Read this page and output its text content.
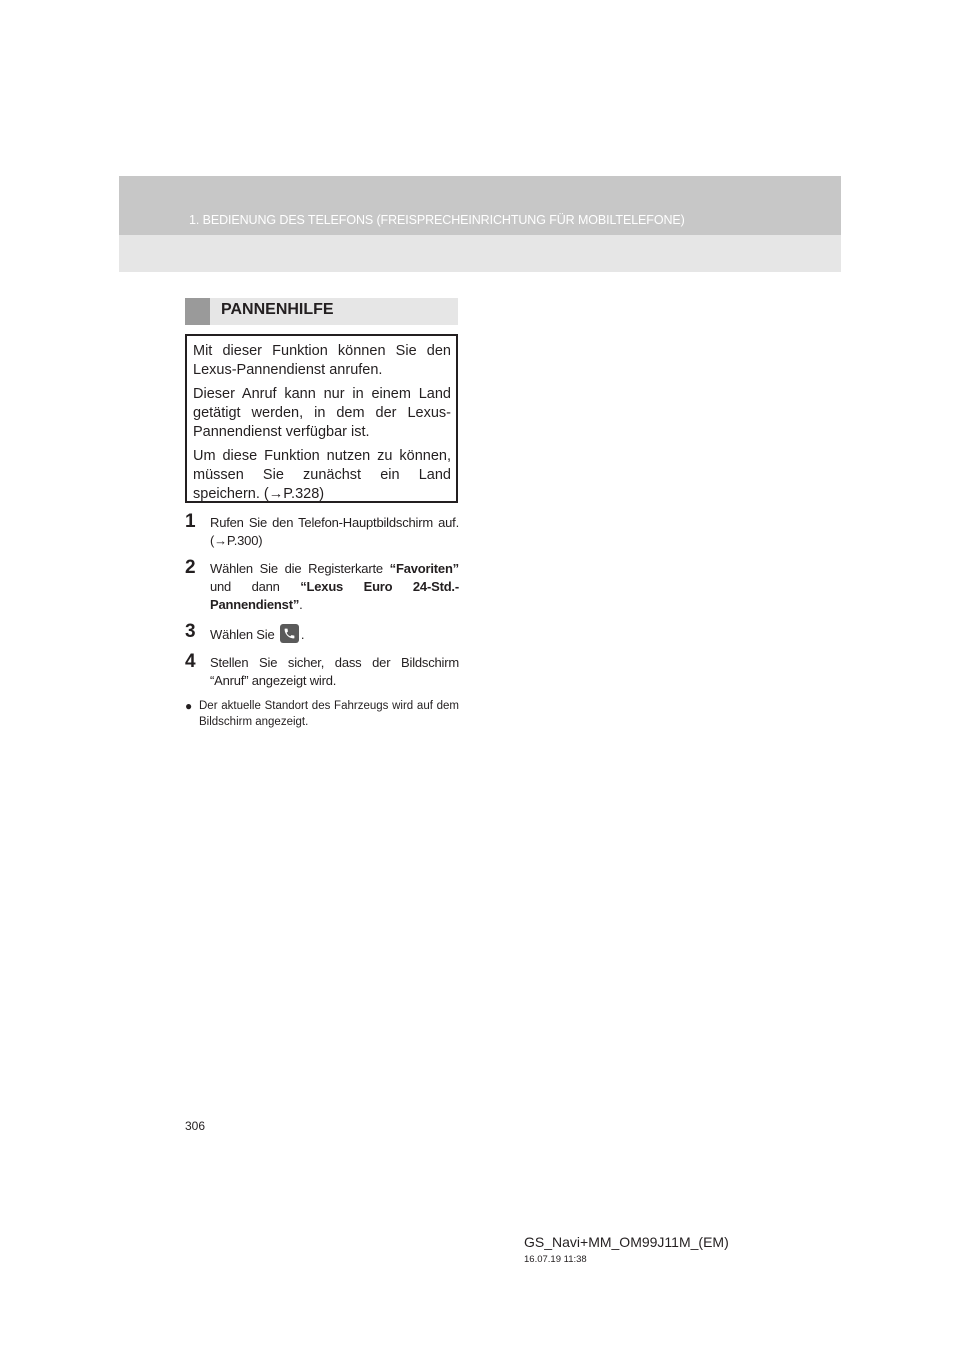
1. BEDIENUNG DES TELEFONS (FREISPRECHEINRICHTUNG FÜR MOBILTELEFONE)
PANNENHILFE

Mit dieser Funktion können Sie den Lexus-Pannendienst anrufen.

Dieser Anruf kann nur in einem Land getätigt werden, in dem der Lexus-Pannendienst verfügbar ist.

Um diese Funktion nutzen zu können, müssen Sie zunächst ein Land speichern. (→P.328)

1	Rufen Sie den Telefon-Hauptbildschirm auf. (→P.300)
2	Wählen Sie die Registerkarte “Favoriten” und dann “Lexus Euro 24-Std.-Pannendienst”.
3	Wählen Sie
.
4	Stellen Sie sicher, dass der Bildschirm “Anruf” angezeigt wird.
● Der aktuelle Standort des Fahrzeugs wird auf dem Bildschirm angezeigt.
306
GS_Navi+MM_OM99J11M_(EM)
16.07.19 11:38
